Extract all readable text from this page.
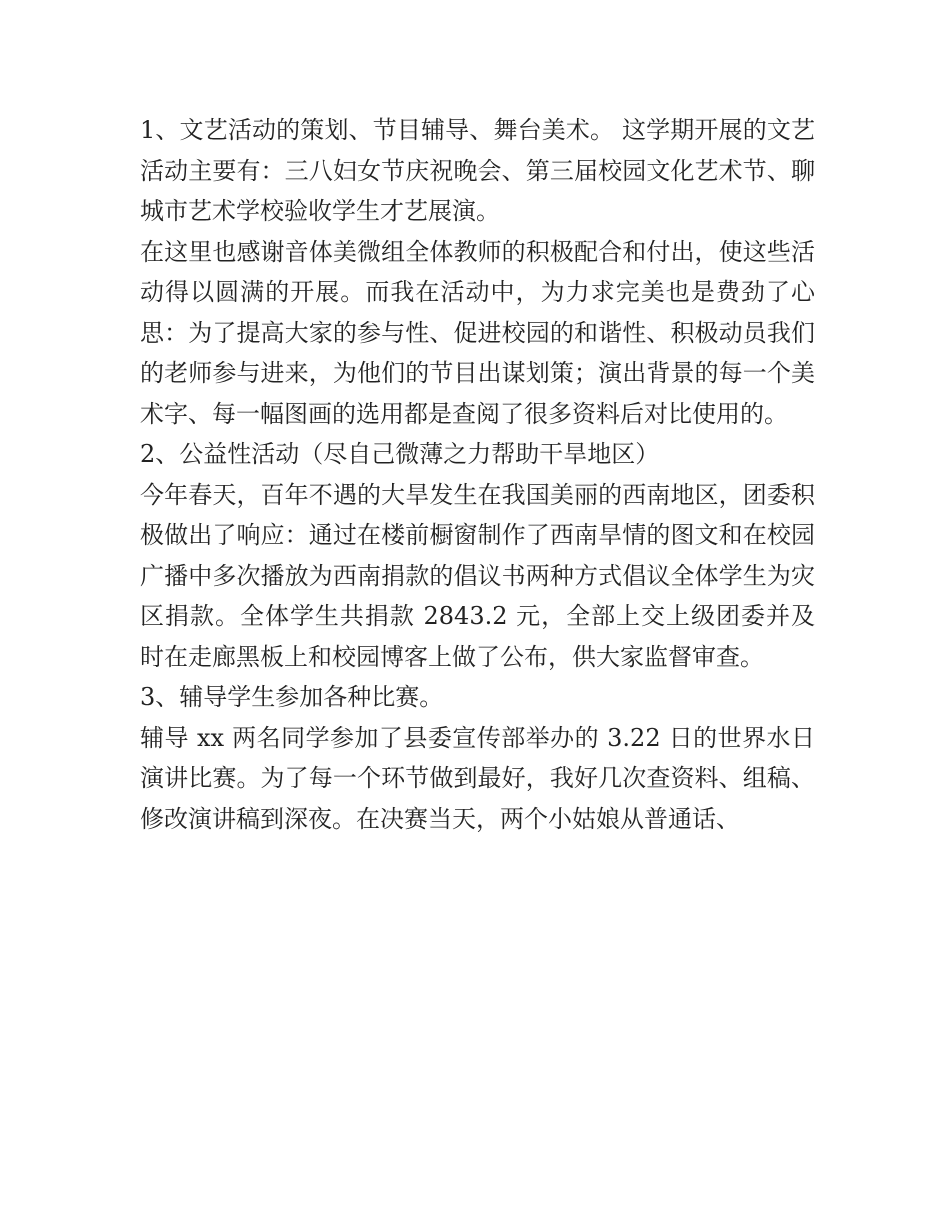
1、文艺活动的策划、节目辅导、舞台美术。 这学期开展的文艺活动主要有：三八妇女节庆祝晚会、第三届校园文化艺术节、聊城市艺术学校验收学生才艺展演。

在这里也感谢音体美微组全体教师的积极配合和付出，使这些活动得以圆满的开展。而我在活动中，为力求完美也是费劲了心思：为了提高大家的参与性、促进校园的和谐性、积极动员我们的老师参与进来，为他们的节目出谋划策；演出背景的每一个美术字、每一幅图画的选用都是查阅了很多资料后对比使用的。

2、公益性活动（尽自己微薄之力帮助干旱地区）

今年春天，百年不遇的大旱发生在我国美丽的西南地区，团委积极做出了响应：通过在楼前橱窗制作了西南旱情的图文和在校园广播中多次播放为西南捐款的倡议书两种方式倡议全体学生为灾区捐款。全体学生共捐款 2843.2 元，全部上交上级团委并及时在走廊黑板上和校园博客上做了公布，供大家监督审查。

3、辅导学生参加各种比赛。

辅导 xx 两名同学参加了县委宣传部举办的 3.22 日的世界水日演讲比赛。为了每一个环节做到最好，我好几次查资料、组稿、修改演讲稿到深夜。在决赛当天，两个小姑娘从普通话、
